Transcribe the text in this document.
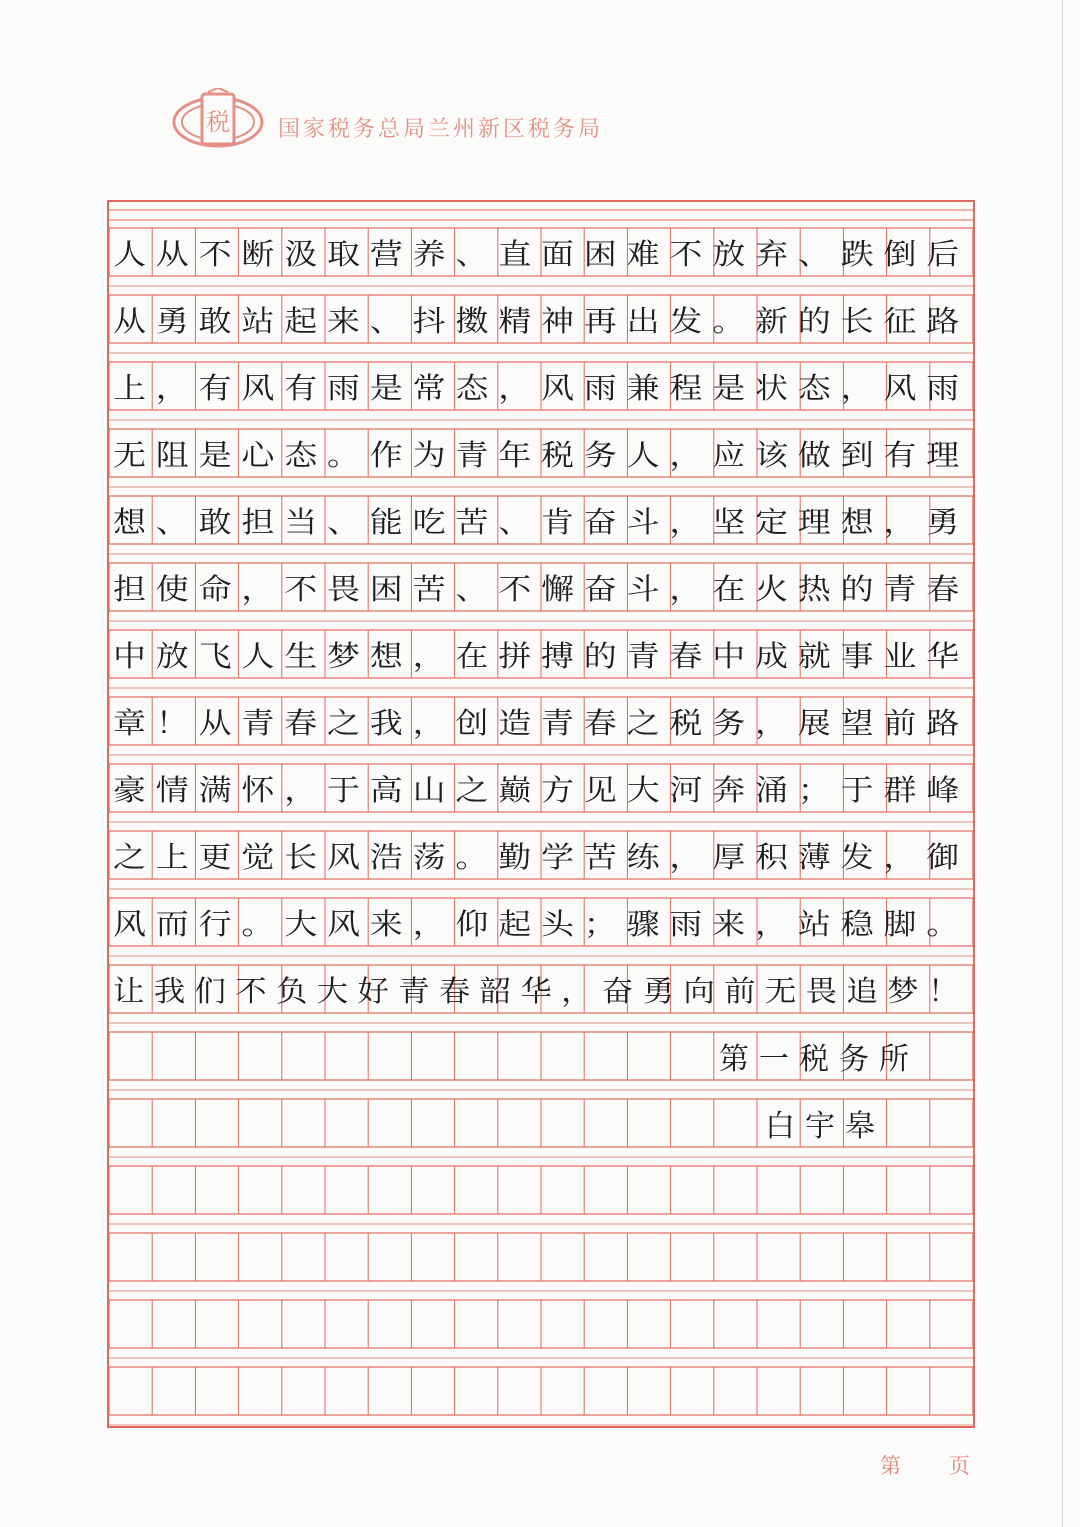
税 国家税务总局兰州新区税务局
人从不断汲取营养、直面困难不放弃、跌倒后
从勇敢站起来、抖擞精神再出发。新的长征路
上，有风有雨是常态，风雨兼程是状态，风雨
无阻是心态。作为青年税务人，应该做到有理
想、敢担当、能吃苦、肯奋斗，坚定理想，勇
担使命，不畏困苦、不懈奋斗，在火热的青春
中放飞人生梦想，在拼搏的青春中成就事业华
章！从青春之我，创造青春之税务，展望前路
豪情满怀，于高山之巅方见大河奔涌；于群峰
之上更觉长风浩荡。勤学苦练，厚积薄发，御
风而行。大风来，仰起头；骤雨来，站稳脚。
让我们不负大好青春韶华，奋勇向前无畏追梦！
第一税务所
白宇皋
第 页
